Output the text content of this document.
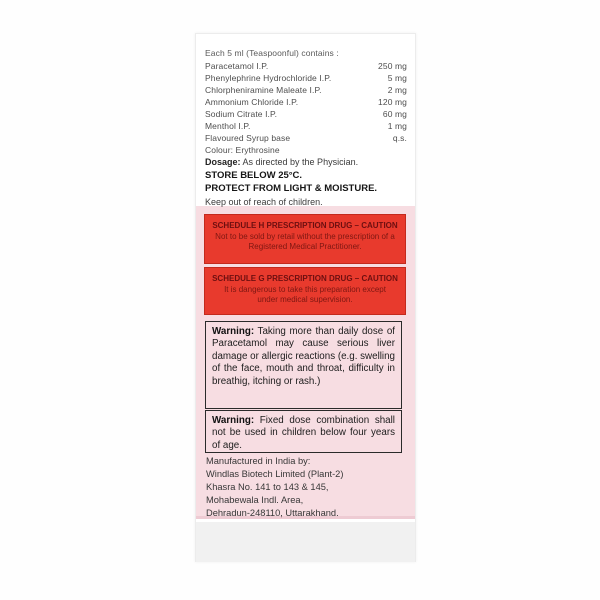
Each 5 ml (Teaspoonful) contains :
Paracetamol I.P.	250 mg
Phenylephrine Hydrochloride I.P.	5 mg
Chlorpheniramine Maleate I.P.	2 mg
Ammonium Chloride I.P.	120 mg
Sodium Citrate I.P.	60 mg
Menthol I.P.	1 mg
Flavoured Syrup base	q.s.
Colour: Erythrosine
Dosage: As directed by the Physician.
STORE BELOW 25°C.
PROTECT FROM LIGHT & MOISTURE.
Keep out of reach of children.
SCHEDULE H PRESCRIPTION DRUG – CAUTION
Not to be sold by retail without the prescription of a Registered Medical Practitioner.
SCHEDULE G PRESCRIPTION DRUG – CAUTION
It is dangerous to take this preparation except under medical supervision.
Warning: Taking more than daily dose of Paracetamol may cause serious liver damage or allergic reactions (e.g. swelling of the face, mouth and throat, difficulty in breathig, itching or rash.)
Warning: Fixed dose combination shall not be used in children below four years of age.
Manufactured in India by:
Windlas Biotech Limited (Plant-2)
Khasra No. 141 to 143 & 145,
Mohabewala Indl. Area,
Dehradun-248110, Uttarakhand.
